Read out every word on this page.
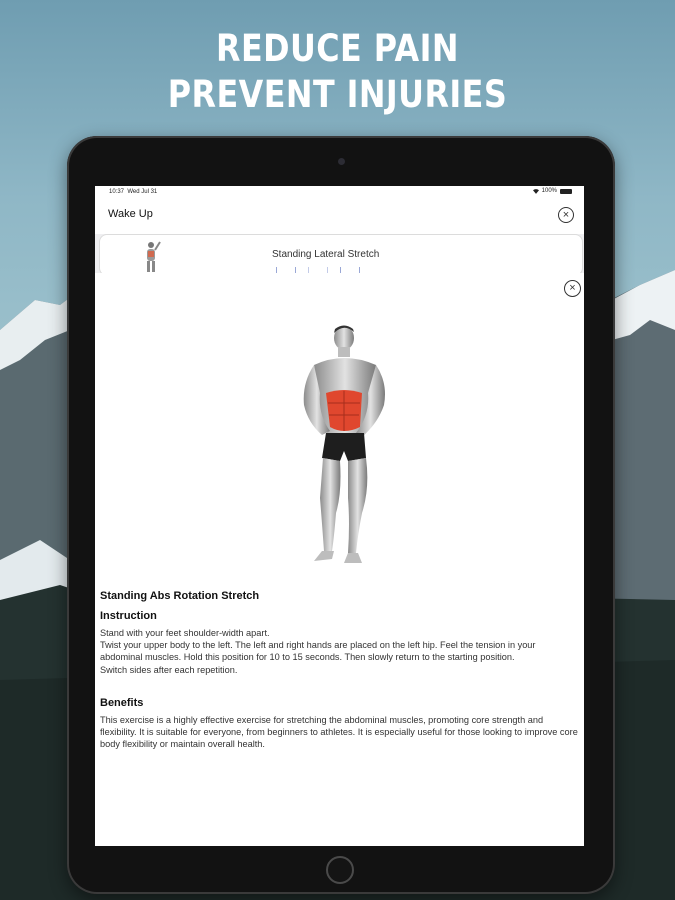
REDUCE PAIN
PREVENT INJURIES
10:37 Wed Jul 31	100%
Wake Up	×
Standing Lateral Stretch
×
Standing Abs Rotation Stretch
Instruction

Stand with your feet shoulder-width apart.

Twist your upper body to the left. The left and right hands are placed on the left hip. Feel the tension in your abdominal muscles. Hold this position for 10 to 15 seconds. Then slowly return to the starting position.

Switch sides after each repetition.

Benefits
This exercise is a highly effective exercise for stretching the abdominal muscles, promoting core strength and flexibility. It is suitable for everyone, from beginners to athletes. It is especially useful for those looking to improve core body flexibility or maintain overall health.
